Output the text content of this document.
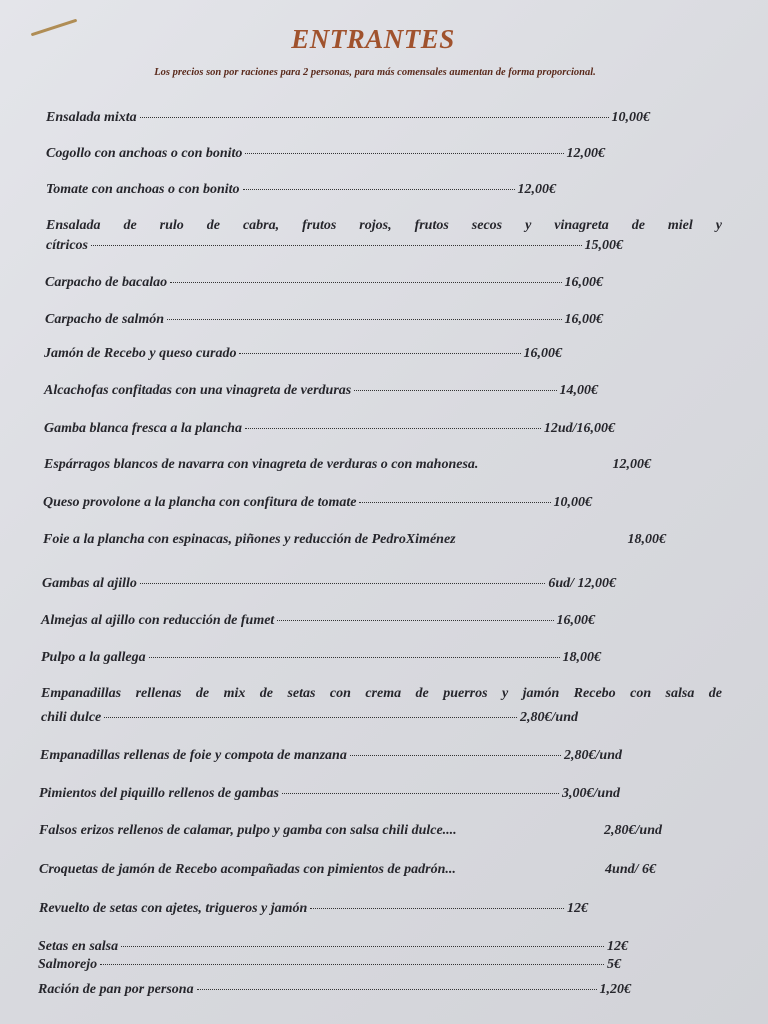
ENTRANTES
Los precios son por raciones para 2 personas, para más comensales aumentan de forma proporcional.
Ensalada mixta	10,00€
Cogollo con anchoas o con bonito	12,00€
Tomate con anchoas o con bonito	12,00€
Ensalada de rulo de cabra, frutos rojos, frutos secos y vinagreta de miel y
cítricos	15,00€
Carpacho de bacalao	16,00€
Carpacho de salmón	16,00€
Jamón de Recebo y queso curado	16,00€
Alcachofas confitadas con una vinagreta de verduras	14,00€
Gamba blanca fresca a la plancha	12ud/16,00€
Espárragos blancos de navarra con vinagreta de verduras o con mahonesa.	12,00€
Queso provolone a la plancha con confitura de tomate	10,00€
Foie a la plancha con espinacas, piñones y reducción de PedroXiménez	18,00€
Gambas al ajillo	6ud/ 12,00€
Almejas al ajillo con reducción de fumet	16,00€
Pulpo a la gallega	18,00€
Empanadillas rellenas de mix de setas con crema de puerros y jamón Recebo con salsa de
chili dulce	2,80€/und
Empanadillas rellenas de foie y compota de manzana	2,80€/und
Pimientos del piquillo rellenos de gambas	3,00€/und
Falsos erizos rellenos de calamar, pulpo y gamba con salsa chili dulce....	2,80€/und
Croquetas de jamón de Recebo acompañadas con pimientos de padrón...	4und/ 6€
Revuelto de setas con ajetes, trigueros y jamón	12€
Setas en salsa	12€
Salmorejo	5€
Ración de pan por persona	1,20€
